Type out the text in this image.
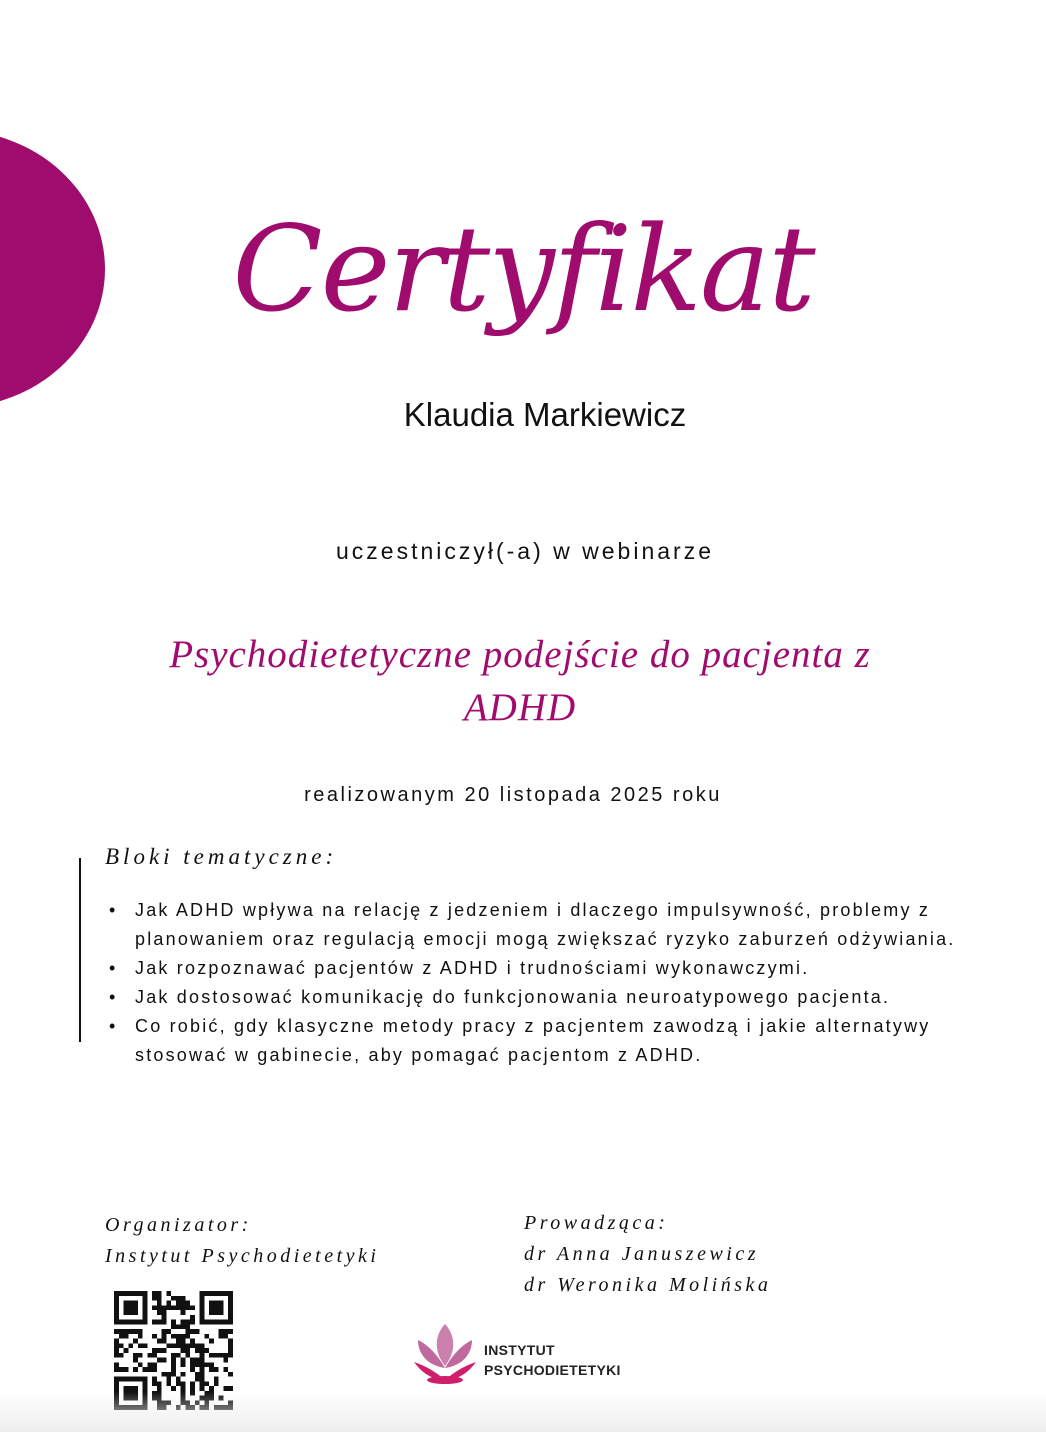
Certyfikat
Klaudia Markiewicz
uczestniczył(-a) w webinarze
Psychodietetyczne podejście do pacjenta z
ADHD
realizowanym 20 listopada 2025 roku
Bloki tematyczne:
• Jak ADHD wpływa na relację z jedzeniem i dlaczego impulsywność, problemy z planowaniem oraz regulacją emocji mogą zwiększać ryzyko zaburzeń odżywiania.
• Jak rozpoznawać pacjentów z ADHD i trudnościami wykonawczymi.
• Jak dostosować komunikację do funkcjonowania neuroatypowego pacjenta.
• Co robić, gdy klasyczne metody pracy z pacjentem zawodzą i jakie alternatywy stosować w gabinecie, aby pomagać pacjentom z ADHD.
Organizator:
Instytut Psychodietetyki
Prowadząca:
dr Anna Januszewicz
dr Weronika Molińska
INSTYTUT
PSYCHODIETETYKI
